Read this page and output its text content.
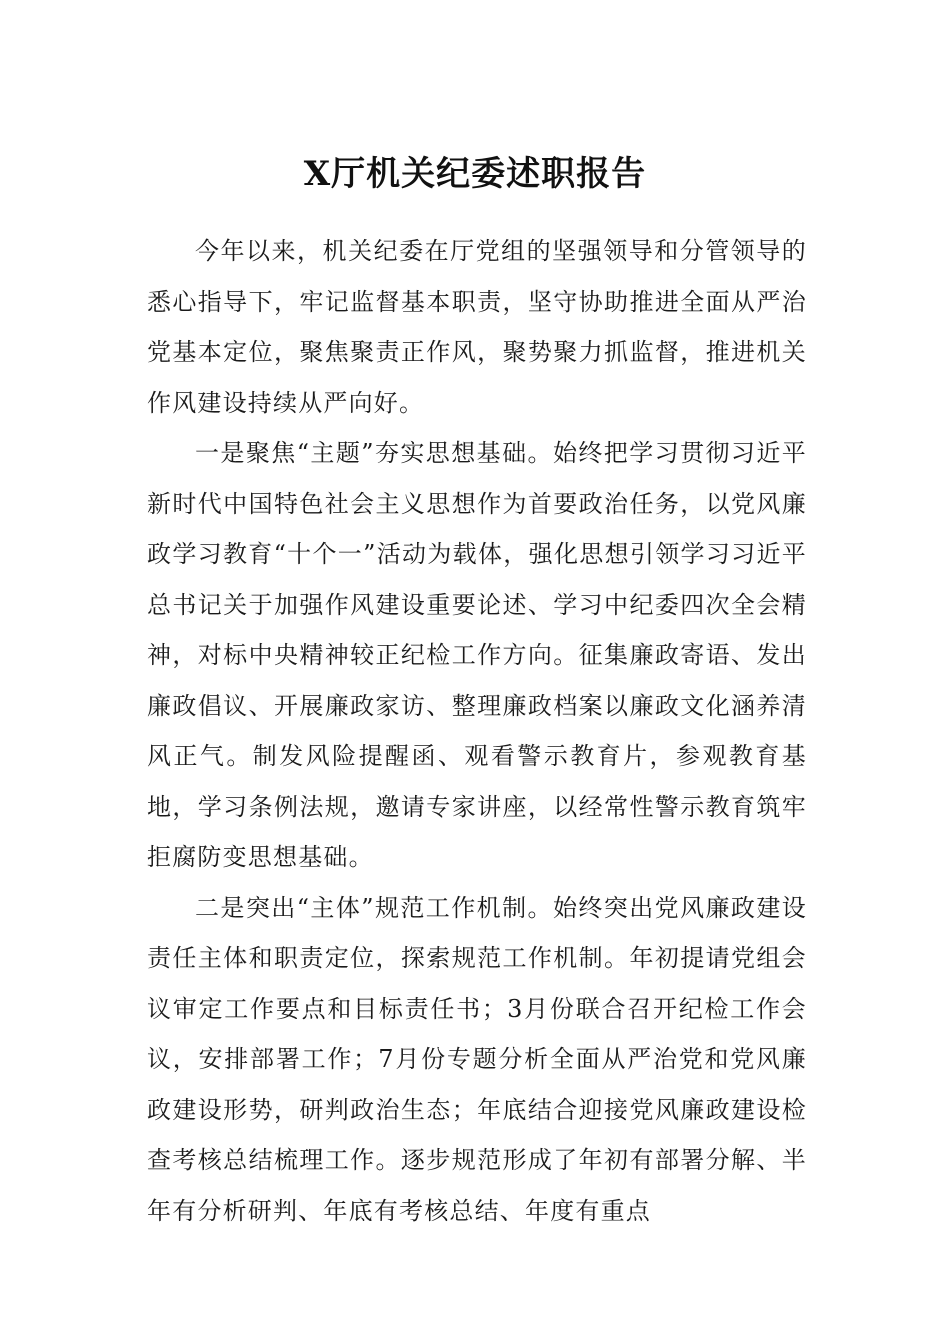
X厅机关纪委述职报告

今年以来，机关纪委在厅党组的坚强领导和分管领导的悉心指导下，牢记监督基本职责，坚守协助推进全面从严治党基本定位，聚焦聚责正作风，聚势聚力抓监督，推进机关作风建设持续从严向好。

一是聚焦“主题”夯实思想基础。始终把学习贯彻习近平新时代中国特色社会主义思想作为首要政治任务，以党风廉政学习教育“十个一”活动为载体，强化思想引领学习习近平总书记关于加强作风建设重要论述、学习中纪委四次全会精神，对标中央精神较正纪检工作方向。征集廉政寄语、发出廉政倡议、开展廉政家访、整理廉政档案以廉政文化涵养清风正气。制发风险提醒函、观看警示教育片，参观教育基地，学习条例法规，邀请专家讲座，以经常性警示教育筑牢拒腐防变思想基础。

二是突出“主体”规范工作机制。始终突出党风廉政建设责任主体和职责定位，探索规范工作机制。年初提请党组会议审定工作要点和目标责任书；3月份联合召开纪检工作会议，安排部署工作；7月份专题分析全面从严治党和党风廉政建设形势，研判政治生态；年底结合迎接党风廉政建设检查考核总结梳理工作。逐步规范形成了年初有部署分解、半年有分析研判、年底有考核总结、年度有重点
